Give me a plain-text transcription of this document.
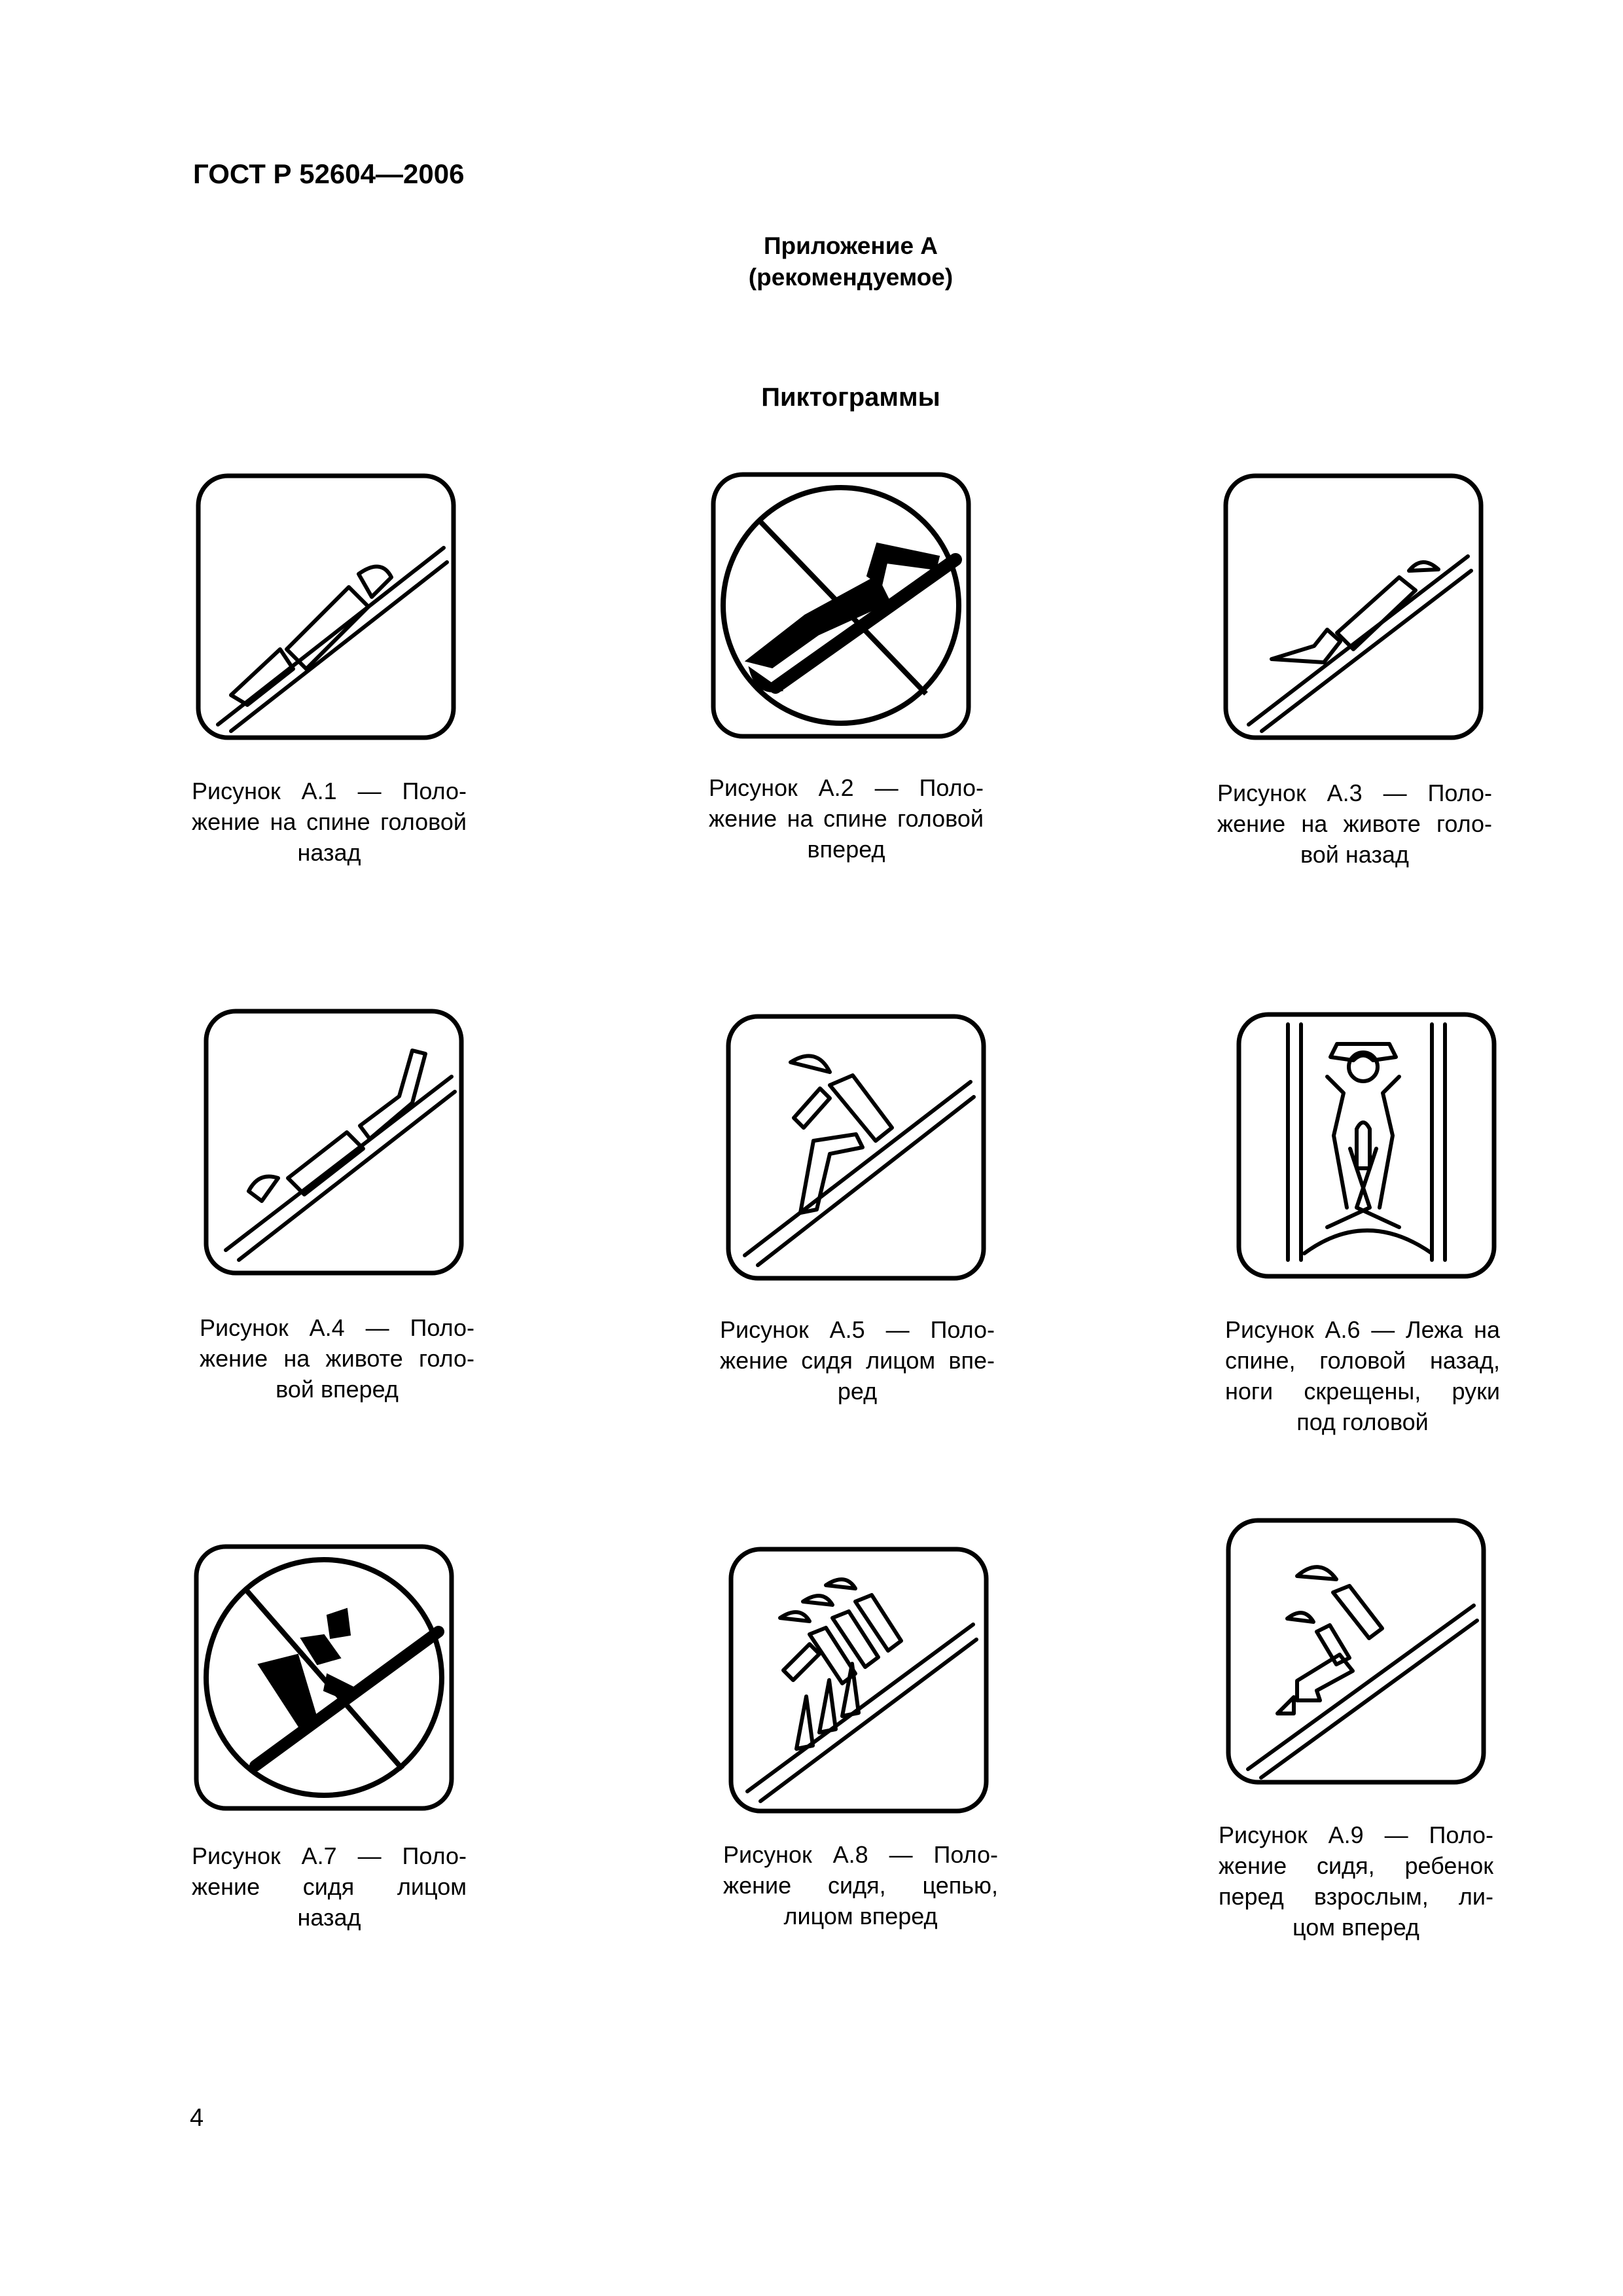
ГОСТ Р 52604—2006
Приложение А
(рекомендуемое)
Пиктограммы
Рисунок А.1 — Поло-
жение на спине головой
назад
Рисунок А.2 — Поло-
жение на спине головой
вперед
Рисунок А.3 — Поло-
жение на животе голо-
вой назад
Рисунок А.4 — Поло-
жение на животе голо-
вой вперед
Рисунок А.5 — Поло-
жение сидя лицом впе-
ред
Рисунок А.6 — Лежа на
спине, головой назад,
ноги скрещены, руки
под головой
Рисунок А.7 — Поло-
жение сидя лицом
назад
Рисунок А.8 — Поло-
жение сидя, цепью,
лицом вперед
Рисунок А.9 — Поло-
жение сидя, ребенок
перед взрослым, ли-
цом вперед
4
